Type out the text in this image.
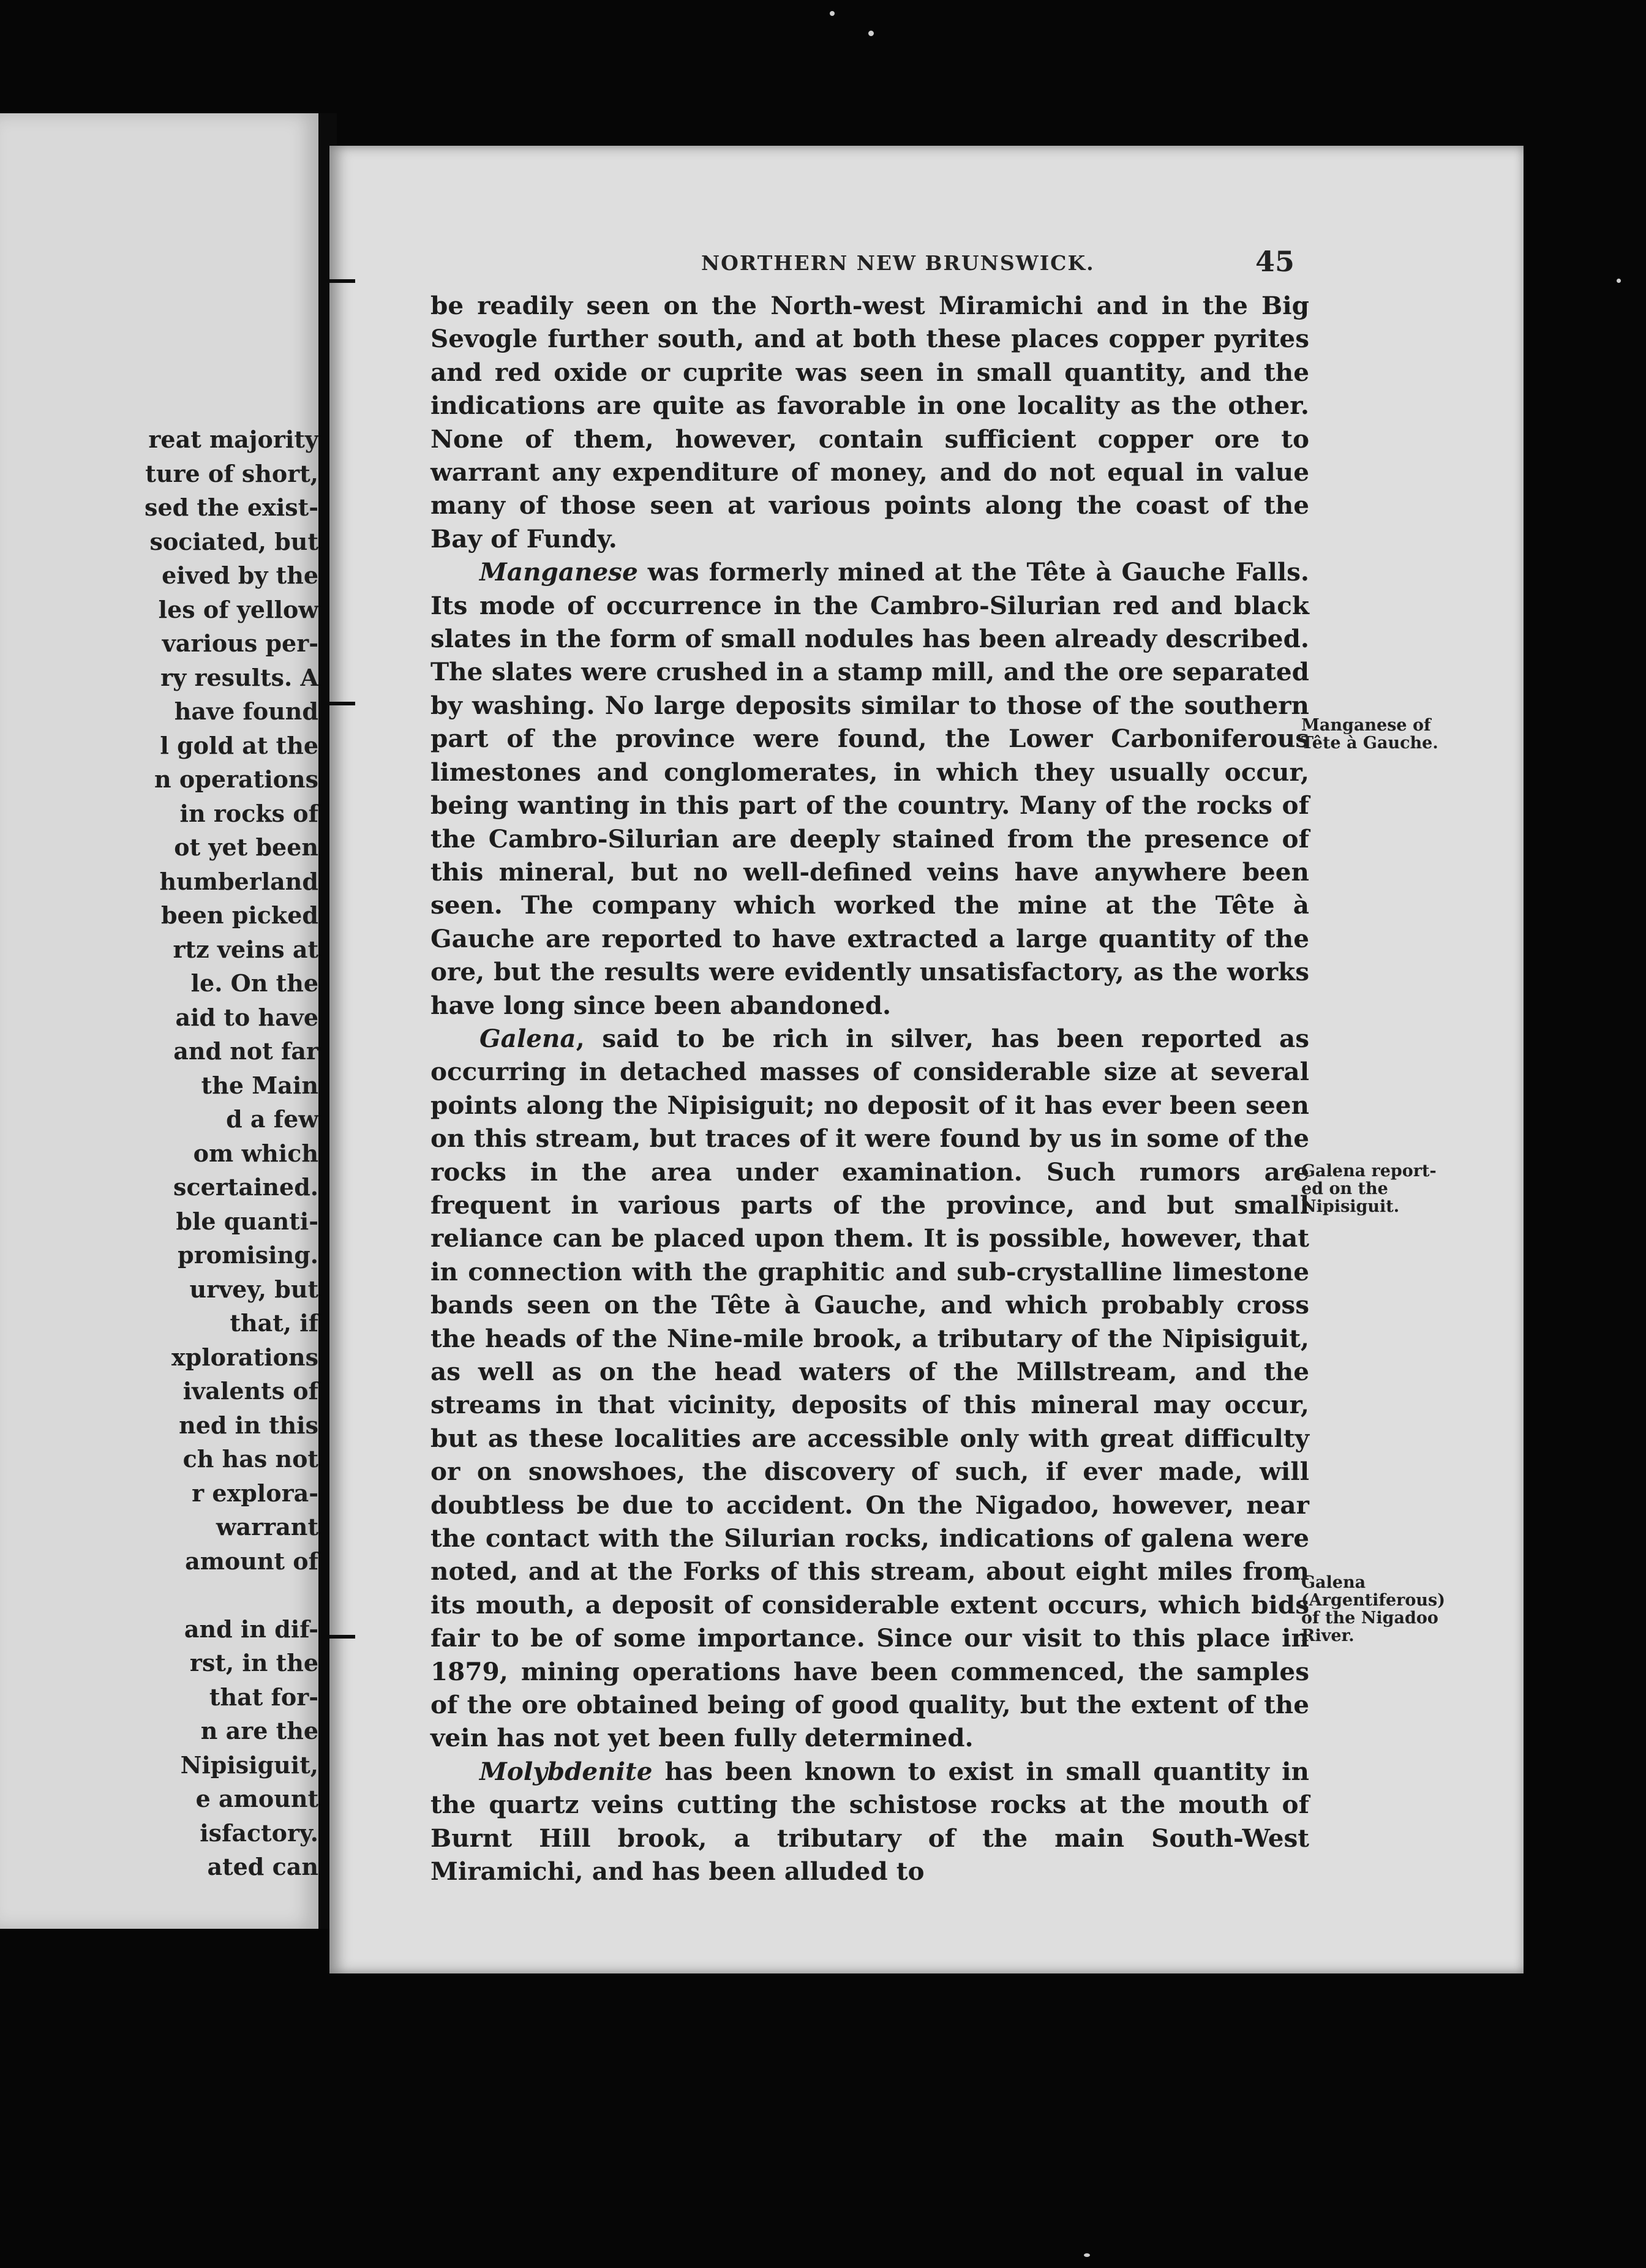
reat majority
ture of short,
sed the exist-
sociated, but
eived by the
les of yellow
various per-
ry results. A
have found
l gold at the
n operations
in rocks of
ot yet been
humberland
been picked
rtz veins at
le. On the
aid to have
and not far
the Main
d a few
om which
scertained.
ble quanti-
promising.
urvey, but
that, if
xplorations
ivalents of
ned in this
ch has not
r explora-
warrant
amount of

and in dif-
rst, in the
that for-
n are the
Nipisiguit,
e amount
isfactory.
ated can
NORTHERN NEW BRUNSWICK.	45

be readily seen on the North-west Miramichi and in the Big Sevogle further south, and at both these places copper pyrites and red oxide or cuprite was seen in small quantity, and the indications are quite as favorable in one locality as the other. None of them, however, contain sufficient copper ore to warrant any expenditure of money, and do not equal in value many of those seen at various points along the coast of the Bay of Fundy.

Manganese was formerly mined at the Tête à Gauche Falls. Its mode of occurrence in the Cambro-Silurian red and black slates in the form of small nodules has been already described. The slates were crushed in a stamp mill, and the ore separated by washing. No large deposits similar to those of the southern part of the province were found, the Lower Carboniferous limestones and conglomerates, in which they usually occur, being wanting in this part of the country. Many of the rocks of the Cambro-Silurian are deeply stained from the presence of this mineral, but no well-defined veins have anywhere been seen. The company which worked the mine at the Tête à Gauche are reported to have extracted a large quantity of the ore, but the results were evidently unsatisfactory, as the works have long since been abandoned.

Galena, said to be rich in silver, has been reported as occurring in detached masses of considerable size at several points along the Nipisiguit; no deposit of it has ever been seen on this stream, but traces of it were found by us in some of the rocks in the area under examination. Such rumors are frequent in various parts of the province, and but small reliance can be placed upon them. It is possible, however, that in connection with the graphitic and sub-crystalline limestone bands seen on the Tête à Gauche, and which probably cross the heads of the Nine-mile brook, a tributary of the Nipisiguit, as well as on the head waters of the Millstream, and the streams in that vicinity, deposits of this mineral may occur, but as these localities are accessible only with great difficulty or on snowshoes, the discovery of such, if ever made, will doubtless be due to accident. On the Nigadoo, however, near the contact with the Silurian rocks, indications of galena were noted, and at the Forks of this stream, about eight miles from its mouth, a deposit of considerable extent occurs, which bids fair to be of some importance. Since our visit to this place in 1879, mining operations have been commenced, the samples of the ore obtained being of good quality, but the extent of the vein has not yet been fully determined.

Molybdenite has been known to exist in small quantity in the quartz veins cutting the schistose rocks at the mouth of Burnt Hill brook, a tributary of the main South-West Miramichi, and has been alluded to

Manganese of
Tête à Gauche.
Galena report-
ed on the
Nipisiguit.
Galena
(Argentiferous)
of the Nigadoo
River.
